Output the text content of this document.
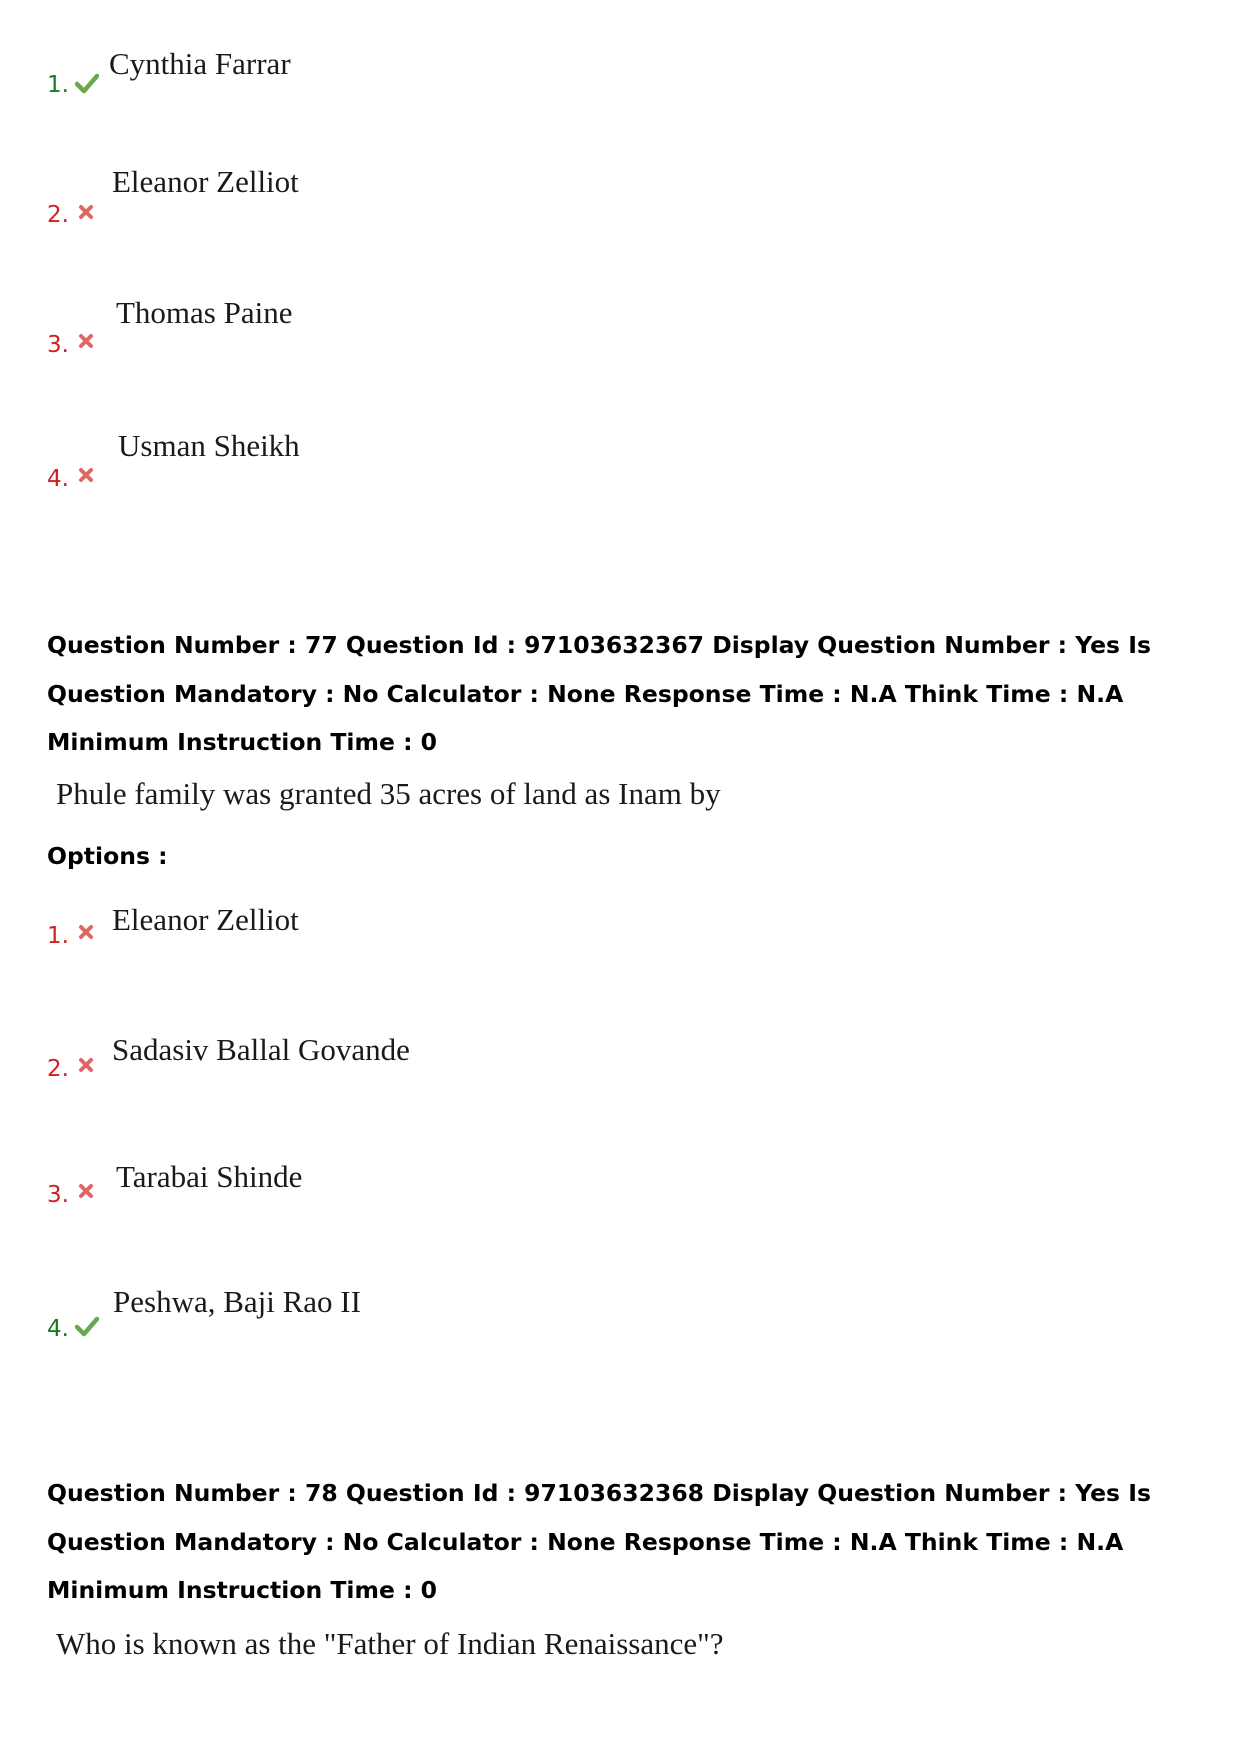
1.
Cynthia Farrar
2.
Eleanor Zelliot
3.
Thomas Paine
4.
Usman Sheikh
Question Number : 77 Question Id : 97103632367 Display Question Number : Yes Is Question Mandatory : No Calculator : None Response Time : N.A Think Time : N.A Minimum Instruction Time : 0
Phule family was granted 35 acres of land as Inam by
Options :
1. Eleanor Zelliot
2.
Sadasiv Ballal Govande
3.
Tarabai Shinde
4.
Peshwa, Baji Rao II
Question Number : 78 Question Id : 97103632368 Display Question Number : Yes Is Question Mandatory : No Calculator : None Response Time : N.A Think Time : N.A Minimum Instruction Time : 0
Who is known as the "Father of Indian Renaissance"?
